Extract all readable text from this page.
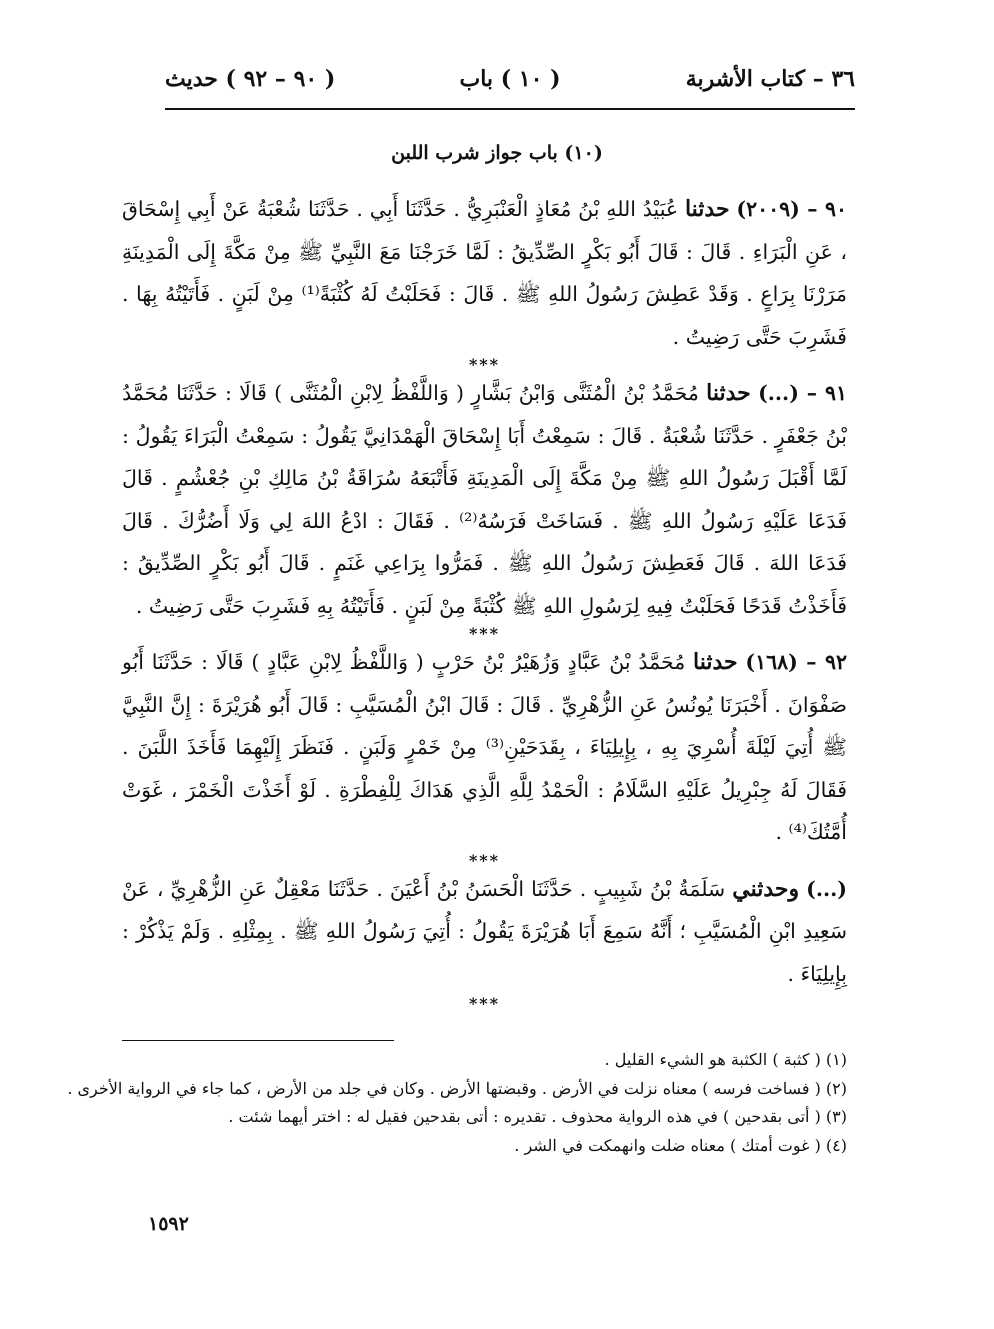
٣٦ – كتاب الأشربة
( ١٠ ) باب
( ٩٠ – ٩٢ ) حديث
(١٠) باب جواز شرب اللبن

٩٠ – (٢٠٠٩) حدثنا عُبَيْدُ اللهِ بْنُ مُعَاذٍ الْعَنْبَرِيُّ . حَدَّثَنَا أَبِي . حَدَّثَنَا شُعْبَةُ عَنْ أَبِي إِسْحَاقَ ، عَنِ الْبَرَاءِ . قَالَ : قَالَ أَبُو بَكْرٍ الصِّدِّيقُ : لَمَّا خَرَجْنَا مَعَ النَّبِيِّ ﷺ مِنْ مَكَّةَ إِلَى الْمَدِينَةِ مَرَرْنَا بِرَاعٍ . وَقَدْ عَطِشَ رَسُولُ اللهِ ﷺ . قَالَ : فَحَلَبْتُ لَهُ كُثْبَةً⁽¹⁾ مِنْ لَبَنٍ . فَأَتَيْتُهُ بِهَا . فَشَرِبَ حَتَّى رَضِيتُ .

***

٩١ – (...) حدثنا مُحَمَّدُ بْنُ الْمُثَنَّى وَابْنُ بَشَّارٍ ( وَاللَّفْظُ لِابْنِ الْمُثَنَّى ) قَالَا : حَدَّثَنَا مُحَمَّدُ بْنُ جَعْفَرٍ . حَدَّثَنَا شُعْبَةُ . قَالَ : سَمِعْتُ أَبَا إِسْحَاقَ الْهَمْدَانِيَّ يَقُولُ : سَمِعْتُ الْبَرَاءَ يَقُولُ : لَمَّا أَقْبَلَ رَسُولُ اللهِ ﷺ مِنْ مَكَّةَ إِلَى الْمَدِينَةِ فَأَتْبَعَهُ سُرَاقَةُ بْنُ مَالِكِ بْنِ جُعْشُمٍ . قَالَ فَدَعَا عَلَيْهِ رَسُولُ اللهِ ﷺ . فَسَاخَتْ فَرَسُهُ⁽²⁾ . فَقَالَ : ادْعُ اللهَ لِي وَلَا أَضُرُّكَ . قَالَ فَدَعَا اللهَ . قَالَ فَعَطِشَ رَسُولُ اللهِ ﷺ . فَمَرُّوا بِرَاعِي غَنَمٍ . قَالَ أَبُو بَكْرٍ الصِّدِّيقُ : فَأَخَذْتُ قَدَحًا فَحَلَبْتُ فِيهِ لِرَسُولِ اللهِ ﷺ كُثْبَةً مِنْ لَبَنٍ . فَأَتَيْتُهُ بِهِ فَشَرِبَ حَتَّى رَضِيتُ .

***

٩٢ – (١٦٨) حدثنا مُحَمَّدُ بْنُ عَبَّادٍ وَزُهَيْرُ بْنُ حَرْبٍ ( وَاللَّفْظُ لِابْنِ عَبَّادٍ ) قَالَا : حَدَّثَنَا أَبُو صَفْوَانَ . أَخْبَرَنَا يُونُسُ عَنِ الزُّهْرِيِّ . قَالَ : قَالَ ابْنُ الْمُسَيَّبِ : قَالَ أَبُو هُرَيْرَةَ : إِنَّ النَّبِيَّ ﷺ أُتِيَ لَيْلَةَ أُسْرِيَ بِهِ ، بِإِيلِيَاءَ ، بِقَدَحَيْنِ⁽³⁾ مِنْ خَمْرٍ وَلَبَنٍ . فَنَظَرَ إِلَيْهِمَا فَأَخَذَ اللَّبَنَ . فَقَالَ لَهُ جِبْرِيلُ عَلَيْهِ السَّلَامُ : الْحَمْدُ لِلَّهِ الَّذِي هَدَاكَ لِلْفِطْرَةِ . لَوْ أَخَذْتَ الْخَمْرَ ، غَوَتْ أُمَّتُكَ⁽⁴⁾ .

***

(...) وحدثني سَلَمَةُ بْنُ شَبِيبٍ . حَدَّثَنَا الْحَسَنُ بْنُ أَعْيَنَ . حَدَّثَنَا مَعْقِلٌ عَنِ الزُّهْرِيِّ ، عَنْ سَعِيدِ ابْنِ الْمُسَيَّبِ ؛ أَنَّهُ سَمِعَ أَبَا هُرَيْرَةَ يَقُولُ : أُتِيَ رَسُولُ اللهِ ﷺ . بِمِثْلِهِ . وَلَمْ يَذْكُرْ : بِإِيلِيَاءَ .

***

(١) ( كثبة ) الكثبة هو الشيء القليل .

(٢) ( فساخت فرسه ) معناه نزلت في الأرض . وقبضتها الأرض . وكان في جلد من الأرض ، كما جاء في الرواية الأخرى .

(٣) ( أتى بقدحين ) في هذه الرواية محذوف . تقديره : أتى بقدحين فقيل له : اختر أيهما شئت .

(٤) ( غوت أمتك ) معناه ضلت وانهمكت في الشر .

١٥٩٢
